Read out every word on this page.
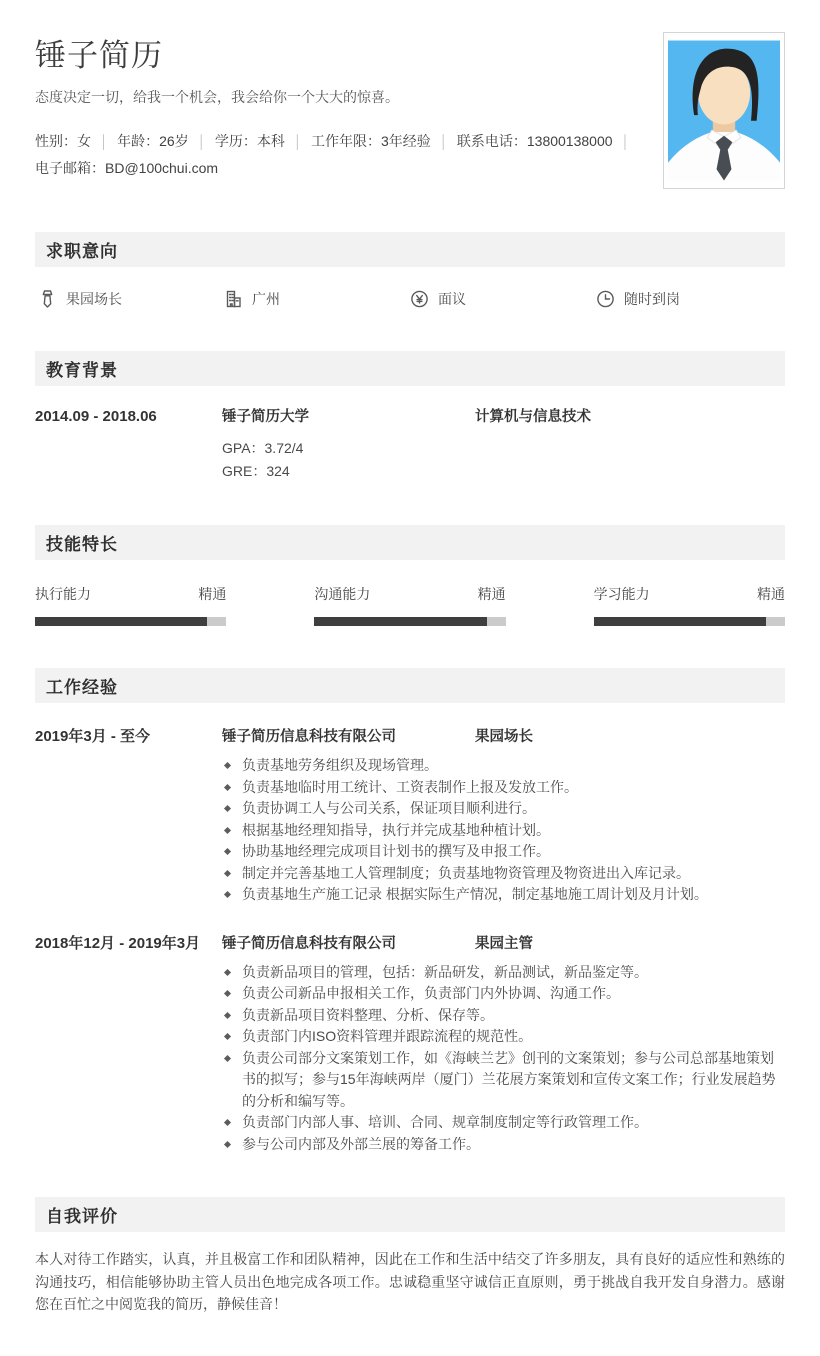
锤子简历
态度决定一切，给我一个机会，我会给你一个大大的惊喜。
性别：女 │ 年龄：26岁 │ 学历：本科 │ 工作年限：3年经验 │ 联系电话：13800138000 │电子邮箱：BD@100chui.com
求职意向
果园场长	广州	面议	随时到岗
教育背景
2014.09 - 2018.06	锤子简历大学	计算机与信息技术
GPA：3.72/4
GRE：324
技能特长
执行能力	精通	沟通能力	精通	学习能力	精通
工作经验
2019年3月 - 至今	锤子简历信息科技有限公司	果园场长
负责基地劳务组织及现场管理。
负责基地临时用工统计、工资表制作上报及发放工作。
负责协调工人与公司关系，保证项目顺利进行。
根据基地经理知指导，执行并完成基地种植计划。
协助基地经理完成项目计划书的撰写及申报工作。
制定并完善基地工人管理制度；负责基地物资管理及物资进出入库记录。
负责基地生产施工记录 根据实际生产情况，制定基地施工周计划及月计划。
2018年12月 - 2019年3月	锤子简历信息科技有限公司	果园主管
负责新品项目的管理，包括：新品研发，新品测试，新品鉴定等。
负责公司新品申报相关工作，负责部门内外协调、沟通工作。
负责新品项目资料整理、分析、保存等。
负责部门内ISO资料管理并跟踪流程的规范性。
负责公司部分文案策划工作，如《海峡兰艺》创刊的文案策划；参与公司总部基地策划书的拟写；参与15年海峡两岸（厦门）兰花展方案策划和宣传文案工作；行业发展趋势的分析和编写等。
负责部门内部人事、培训、合同、规章制度制定等行政管理工作。
参与公司内部及外部兰展的筹备工作。
自我评价

本人对待工作踏实，认真，并且极富工作和团队精神，因此在工作和生活中结交了许多朋友，具有良好的适应性和熟练的沟通技巧，相信能够协助主管人员出色地完成各项工作。忠诚稳重坚守诚信正直原则，勇于挑战自我开发自身潜力。感谢您在百忙之中阅览我的简历，静候佳音！
